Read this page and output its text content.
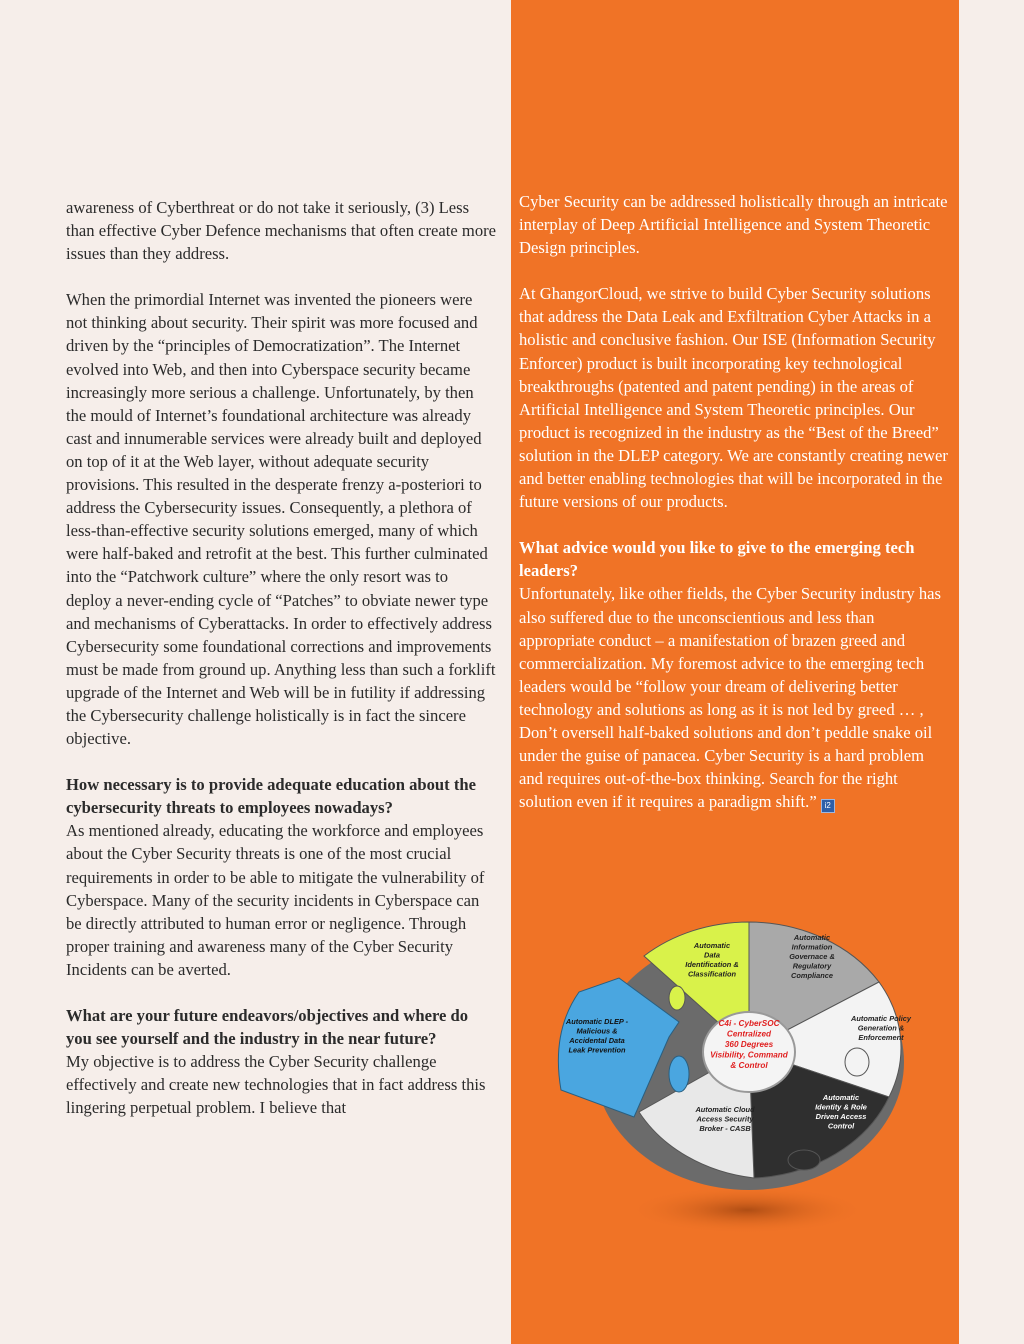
awareness of Cyberthreat or do not take it seriously, (3) Less than effective Cyber Defence mechanisms that often create more issues than they address.

When the primordial Internet was invented the pioneers were not thinking about security. Their spirit was more focused and driven by the “principles of Democratization”. The Internet evolved into Web, and then into Cyberspace security became increasingly more serious a challenge. Unfortunately, by then the mould of Internet’s foundational architecture was already cast and innumerable services were already built and deployed on top of it at the Web layer, without adequate security provisions. This resulted in the desperate frenzy a-posteriori to address the Cybersecurity issues. Consequently, a plethora of less-than-effective security solutions emerged, many of which were half-baked and retrofit at the best. This further culminated into the “Patchwork culture” where the only resort was to deploy a never-ending cycle of “Patches” to obviate newer type and mechanisms of Cyberattacks. In order to effectively address Cybersecurity some foundational corrections and improvements must be made from ground up. Anything less than such a forklift upgrade of the Internet and Web will be in futility if addressing the Cybersecurity challenge holistically is in fact the sincere objective.

How necessary is to provide adequate education about the cybersecurity threats to employees nowadays?
As mentioned already, educating the workforce and employees about the Cyber Security threats is one of the most crucial requirements in order to be able to mitigate the vulnerability of Cyberspace. Many of the security incidents in Cyberspace can be directly attributed to human error or negligence. Through proper training and awareness many of the Cyber Security Incidents can be averted.

What are your future endeavors/objectives and where do you see yourself and the industry in the near future?
My objective is to address the Cyber Security challenge effectively and create new technologies that in fact address this lingering perpetual problem. I believe that

Cyber Security can be addressed holistically through an intricate interplay of Deep Artificial Intelligence and System Theoretic Design principles.

At GhangorCloud, we strive to build Cyber Security solutions that address the Data Leak and Exfiltration Cyber Attacks in a holistic and conclusive fashion. Our ISE (Information Security Enforcer) product is built incorporating key technological breakthroughs (patented and patent pending) in the areas of Artificial Intelligence and System Theoretic principles. Our product is recognized in the industry as the “Best of the Breed” solution in the DLEP category. We are constantly creating newer and better enabling technologies that will be incorporated in the future versions of our products.

What advice would you like to give to the emerging tech leaders?
Unfortunately, like other fields, the Cyber Security industry has also suffered due to the unconscientious and less than appropriate conduct – a manifestation of brazen greed and commercialization. My foremost advice to the emerging tech leaders would be “follow your dream of delivering better technology and solutions as long as it is not led by greed … , Don’t oversell half-baked solutions and don’t peddle snake oil under the guise of panacea. Cyber Security is a hard problem and requires out-of-the-box thinking. Search for the right solution even if it requires a paradigm shift.” i2

C4i - CyberSOC
Centralized
360 Degrees
Visibility, Command
& Control
Automatic
Data
Identification &
Classification
Automatic
Information
Governace &
Regulatory
Compliance
Automatic Policy
Generation &
Enforcement
Automatic
Identity & Role
Driven Access
Control
Automatic Cloud
Access Security
Broker - CASB
Automatic DLEP -
Malicious &
Accidental Data
Leak Prevention
